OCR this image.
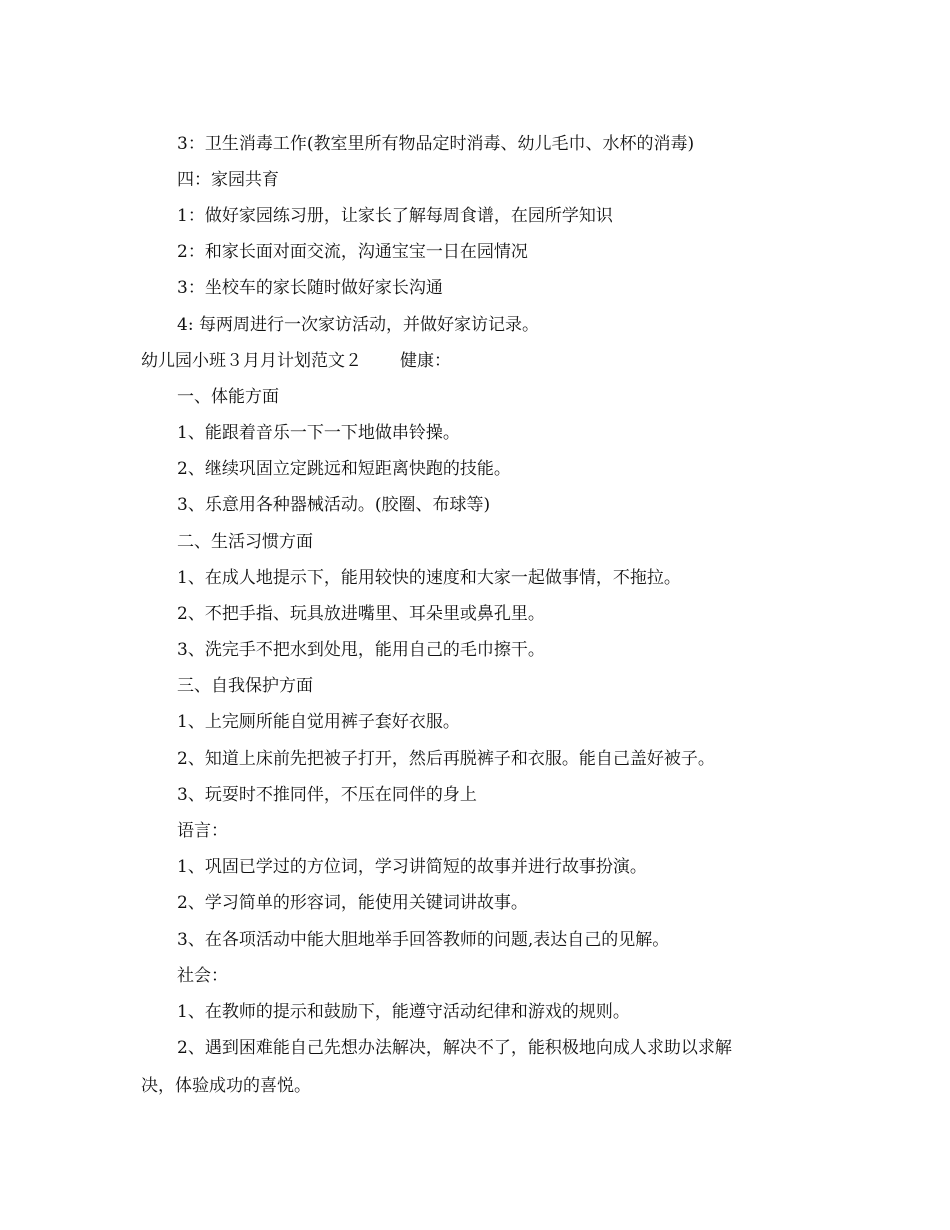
3：卫生消毒工作(教室里所有物品定时消毒、幼儿毛巾、水杯的消毒)
四：家园共育
1：做好家园练习册，让家长了解每周食谱，在园所学知识
2：和家长面对面交流，沟通宝宝一日在园情况
3：坐校车的家长随时做好家长沟通
4: 每两周进行一次家访活动，并做好家访记录。
幼儿园小班３月月计划范文２ 健康：
一、体能方面
1、能跟着音乐一下一下地做串铃操。
2、继续巩固立定跳远和短距离快跑的技能。
3、乐意用各种器械活动。(胶圈、布球等)
二、生活习惯方面
1、在成人地提示下，能用较快的速度和大家一起做事情，不拖拉。
2、不把手指、玩具放进嘴里、耳朵里或鼻孔里。
3、洗完手不把水到处甩，能用自己的毛巾擦干。
三、自我保护方面
1、上完厕所能自觉用裤子套好衣服。
2、知道上床前先把被子打开，然后再脱裤子和衣服。能自己盖好被子。
3、玩耍时不推同伴，不压在同伴的身上
语言：
1、巩固已学过的方位词，学习讲简短的故事并进行故事扮演。
2、学习简单的形容词，能使用关键词讲故事。
3、在各项活动中能大胆地举手回答教师的问题,表达自己的见解。
社会：
1、在教师的提示和鼓励下，能遵守活动纪律和游戏的规则。
2、遇到困难能自己先想办法解决，解决不了，能积极地向成人求助以求解
决，体验成功的喜悦。
